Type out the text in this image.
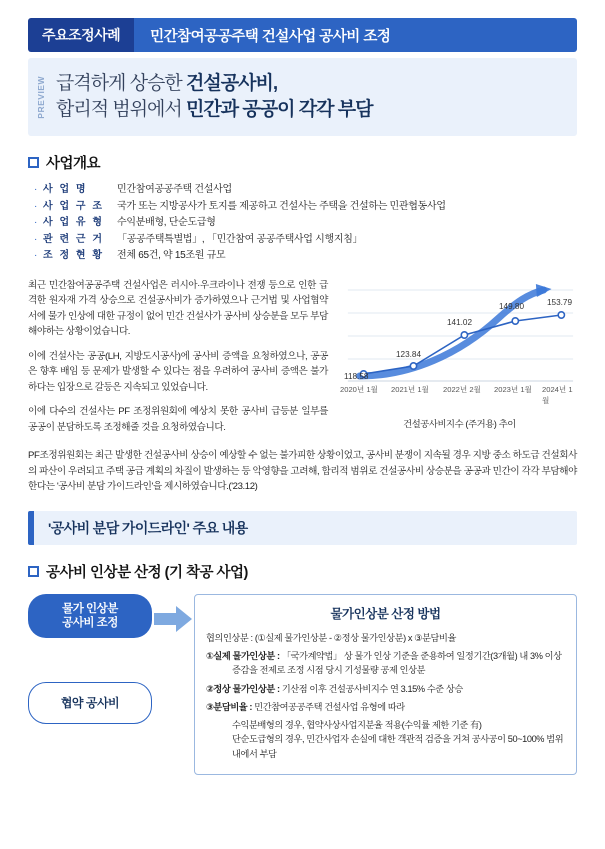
주요조정사례	민간참여공공주택 건설사업 공사비 조정
PREVIEW 급격하게 상승한 건설공사비,
합리적 범위에서 민간과 공공이 각각 부담
사업개요
· 사 업 명	민간참여공공주택 건설사업
· 사 업 구 조	국가 또는 지방공사가 토지를 제공하고 건설사는 주택을 건설하는 민관협동사업
· 사 업 유 형	수익분배형, 단순도급형
· 관 련 근 거	「공공주택특별법」, 「민간참여 공공주택사업 시행지침」
· 조 정 현 황	전체 65건, 약 15조원 규모
최근 민간참여공공주택 건설사업은 러시아·우크라이나 전쟁 등으로 인한 급격한 원자재 가격 상승으로 건설공사비가 증가하였으나 근거법 및 사업협약서에 물가 인상에 대한 규정이 없어 민간 건설사가 공사비 상승분을 모두 부담해야하는 상황이었습니다.
이에 건설사는 공공(LH, 지방도시공사)에 공사비 증액을 요청하였으나, 공공은 향후 배임 등 문제가 발생할 수 있다는 점을 우려하여 공사비 증액은 불가하다는 입장으로 갈등은 지속되고 있었습니다.
이에 다수의 건설사는 PF 조정위원회에 예상치 못한 공사비 급등분 일부를 공공이 분담하도록 조정해줄 것을 요청하였습니다.
118.58
123.84
141.02
149.80	153.79
2020년 1월 2021년 1월 2022년 2월 2023년 1월 2024년 1월
건설공사비지수 (주거용) 추이
PF조정위원회는 최근 발생한 건설공사비 상승이 예상할 수 없는 불가피한 상황이었고, 공사비 분쟁이 지속될 경우 지방 중소 하도급 건설회사의 파산이 우려되고 주택 공급 계획의 차질이 발생하는 등 악영향을 고려해, 합리적 범위로 건설공사비 상승분을 공공과 민간이 각각 부담해야 한다는 '공사비 분담 가이드라인'을 제시하였습니다.('23.12)
'공사비 분담 가이드라인' 주요 내용
공사비 인상분 산정 (기 착공 사업)
물가 인상분
공사비 조정
협약 공사비
물가인상분 산정 방법
협의인상분 : (①실제 물가인상분 - ②정상 물가인상분) x ③분담비율
①실제 물가인상분 : 「국가계약법」 상 물가 인상 기준을 준용하여 일정기간(3개월) 내 3% 이상 증감을 전제로 조정 시점 당시 기성물량 공제 인상분
②정상 물가인상분 : 기산점 이후 건설공사비지수 연 3.15% 수준 상승
③분담비율 : 민간참여공공주택 건설사업 유형에 따라
수익분배형의 경우, 협약사상사업지분율 적용(수익률 제한 기준 有)
단순도급형의 경우, 민간사업자 손실에 대한 객관적 검증을 거쳐 공사공이 50~100% 범위 내에서 부담
